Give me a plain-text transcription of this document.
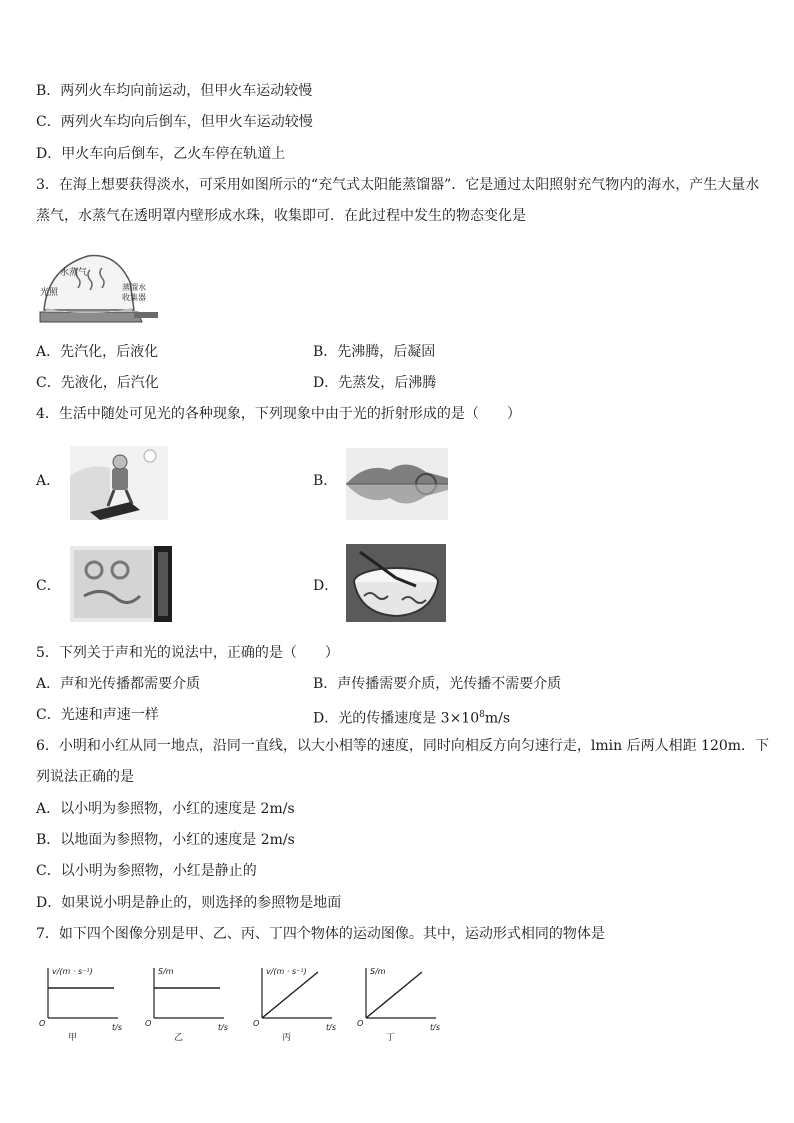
B．两列火车均向前运动，但甲火车运动较慢
C．两列火车均向后倒车，但甲火车运动较慢
D．甲火车向后倒车，乙火车停在轨道上
3．在海上想要获得淡水，可采用如图所示的“充气式太阳能蒸馏器”．它是通过太阳照射充气物内的海水，产生大量水
蒸气，水蒸气在透明罩内壁形成水珠，收集即可．在此过程中发生的物态变化是
水蒸气
光照
蒸馏水
收集器
A．先汽化，后液化	B．先沸腾，后凝固
C．先液化，后汽化	D．先蒸发，后沸腾
4．生活中随处可见光的各种现象，下列现象中由于光的折射形成的是（　　）
A．	B．
C．	D．
5．下列关于声和光的说法中，正确的是（　　）
A．声和光传播都需要介质	B．声传播需要介质，光传播不需要介质
C．光速和声速一样	D．光的传播速度是 $3\times 10^8m/s$
6．小明和小红从同一地点，沿同一直线，以大小相等的速度，同时向相反方向匀速行走，lmin 后两人相距 120m．下
列说法正确的是
A．以小明为参照物，小红的速度是 2m/s
B．以地面为参照物，小红的速度是 2m/s
C．以小明为参照物，小红是静止的
D．如果说小明是静止的，则选择的参照物是地面
7．如下四个图像分别是甲、乙、丙、丁四个物体的运动图像。其中，运动形式相同的物体是
v/(m · s⁻¹)
t/s
O
甲
S/m
t/s
O
乙
v/(m · s⁻¹)
t/s
O
丙
S/m
t/s
O
丁
